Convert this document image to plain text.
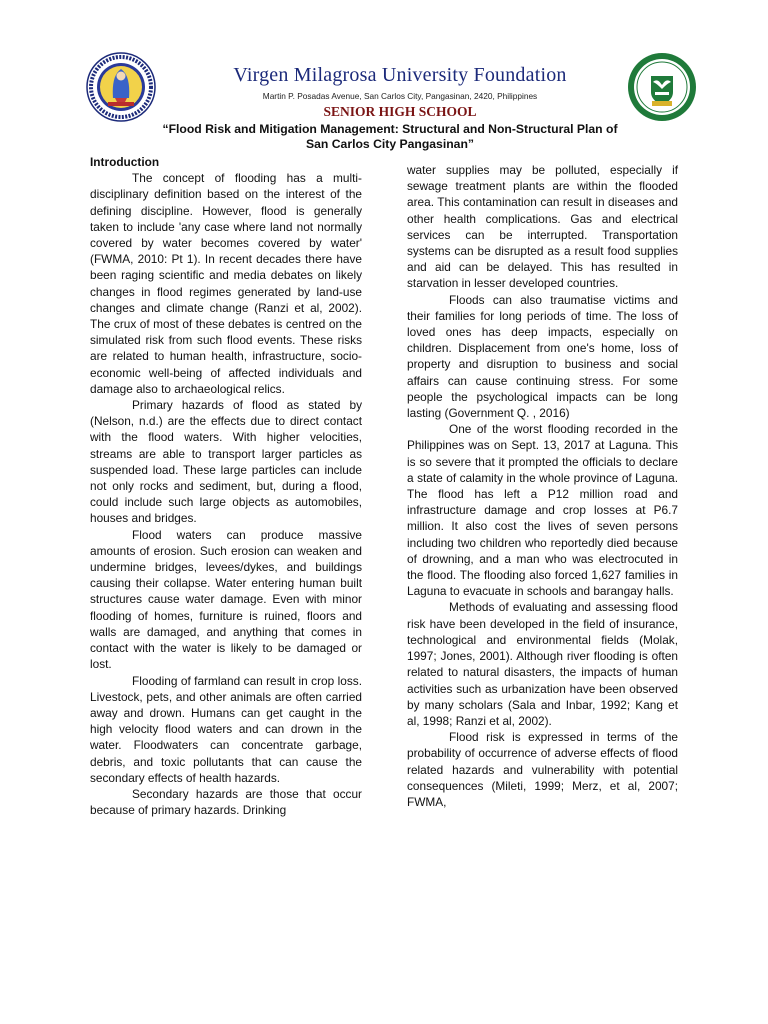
Virgen Milagrosa University Foundation
Martin P. Posadas Avenue, San Carlos City, Pangasinan, 2420, Philippines
SENIOR HIGH SCHOOL
“Flood Risk and Mitigation Management: Structural and Non-Structural Plan of
San Carlos City Pangasinan”
Introduction

The concept of flooding has a multi-disciplinary definition based on the interest of the defining discipline. However, flood is generally taken to include 'any case where land not normally covered by water becomes covered by water' (FWMA, 2010: Pt 1). In recent decades there have been raging scientific and media debates on likely changes in flood regimes generated by land-use changes and climate change (Ranzi et al, 2002). The crux of most of these debates is centred on the simulated risk from such flood events. These risks are related to human health, infrastructure, socio-economic well-being of affected individuals and damage also to archaeological relics.

Primary hazards of flood as stated by (Nelson, n.d.) are the effects due to direct contact with the flood waters. With higher velocities, streams are able to transport larger particles as suspended load. These large particles can include not only rocks and sediment, but, during a flood, could include such large objects as automobiles, houses and bridges.

Flood waters can produce massive amounts of erosion. Such erosion can weaken and undermine bridges, levees/dykes, and buildings causing their collapse. Water entering human built structures cause water damage. Even with minor flooding of homes, furniture is ruined, floors and walls are damaged, and anything that comes in contact with the water is likely to be damaged or lost.

Flooding of farmland can result in crop loss. Livestock, pets, and other animals are often carried away and drown. Humans can get caught in the high velocity flood waters and can drown in the water. Floodwaters can concentrate garbage, debris, and toxic pollutants that can cause the secondary effects of health hazards.

Secondary hazards are those that occur because of primary hazards. Drinking

water supplies may be polluted, especially if sewage treatment plants are within the flooded area. This contamination can result in diseases and other health complications. Gas and electrical services can be interrupted. Transportation systems can be disrupted as a result food supplies and aid can be delayed. This has resulted in starvation in lesser developed countries.

Floods can also traumatise victims and their families for long periods of time. The loss of loved ones has deep impacts, especially on children. Displacement from one's home, loss of property and disruption to business and social affairs can cause continuing stress. For some people the psychological impacts can be long lasting (Government Q. , 2016)

One of the worst flooding recorded in the Philippines was on Sept. 13, 2017 at Laguna. This is so severe that it prompted the officials to declare a state of calamity in the whole province of Laguna. The flood has left a P12 million road and infrastructure damage and crop losses at P6.7 million. It also cost the lives of seven persons including two children who reportedly died because of drowning, and a man who was electrocuted in the flood. The flooding also forced 1,627 families in Laguna to evacuate in schools and barangay halls.

Methods of evaluating and assessing flood risk have been developed in the field of insurance, technological and environmental fields (Molak, 1997; Jones, 2001). Although river flooding is often related to natural disasters, the impacts of human activities such as urbanization have been observed by many scholars (Sala and Inbar, 1992; Kang et al, 1998; Ranzi et al, 2002).

Flood risk is expressed in terms of the probability of occurrence of adverse effects of flood related hazards and vulnerability with potential consequences (Mileti, 1999; Merz, et al, 2007; FWMA,
